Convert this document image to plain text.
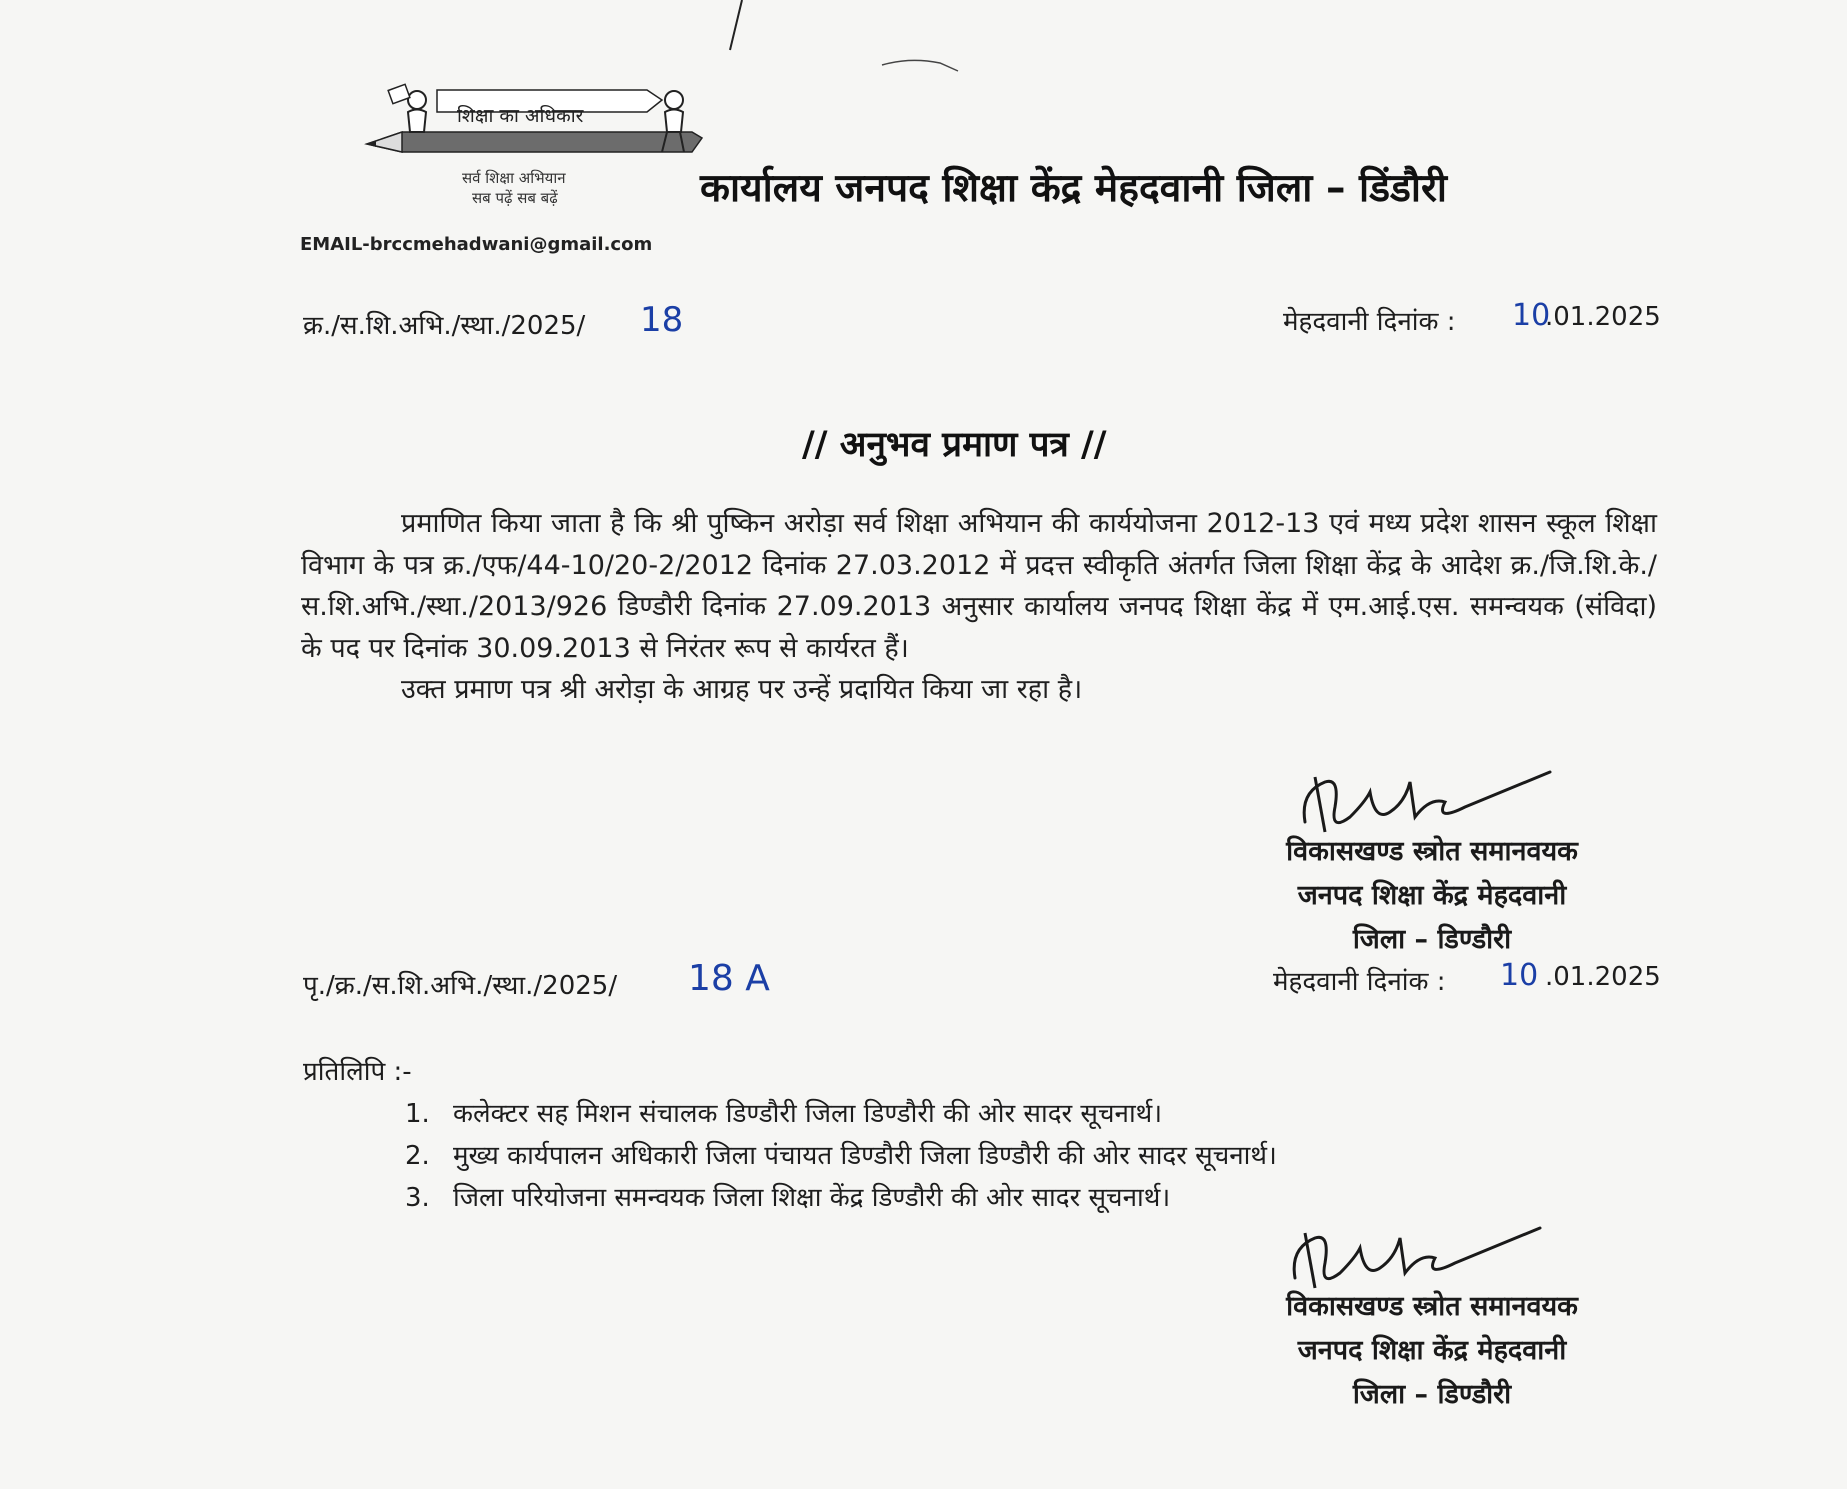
शिक्षा का अधिकार
सर्व शिक्षा अभियान
सब पढ़ें सब बढ़ें	कार्यालय जनपद शिक्षा केंद्र मेहदवानी जिला – डिंडौरी
EMAIL-brccmehadwani@gmail.com
क्र./स.शि.अभि./स्था./2025/ 18	मेहदवानी दिनांक : 10
.01.2025
// अनुभव प्रमाण पत्र //

प्रमाणित किया जाता है कि श्री पुष्किन अरोड़ा सर्व शिक्षा अभियान की कार्ययोजना 2012-13 एवं मध्य प्रदेश शासन स्कूल शिक्षा विभाग के पत्र क्र./एफ/44-10/20-2/2012 दिनांक 27.03.2012 में प्रदत्त स्वीकृति अंतर्गत जिला शिक्षा केंद्र के आदेश क्र./जि.शि.के./स.शि.अभि./स्था./2013/926 डिण्डौरी दिनांक 27.09.2013 अनुसार कार्यालय जनपद शिक्षा केंद्र में एम.आई.एस. समन्वयक (संविदा) के पद पर दिनांक 30.09.2013 से निरंतर रूप से कार्यरत हैं।

उक्त प्रमाण पत्र श्री अरोड़ा के आग्रह पर उन्हें प्रदायित किया जा रहा है।

विकासखण्ड स्त्रोत समानवयक
जनपद शिक्षा केंद्र मेहदवानी
जिला – डिण्डौरी
पृ./क्र./स.शि.अभि./स्था./2025/ 18 A	मेहदवानी दिनांक : 10 .01.2025
प्रतिलिपि :-
1. कलेक्टर सह मिशन संचालक डिण्डौरी जिला डिण्डौरी की ओर सादर सूचनार्थ।
2. मुख्य कार्यपालन अधिकारी जिला पंचायत डिण्डौरी जिला डिण्डौरी की ओर सादर सूचनार्थ।
3. जिला परियोजना समन्वयक जिला शिक्षा केंद्र डिण्डौरी की ओर सादर सूचनार्थ।
विकासखण्ड स्त्रोत समानवयक
जनपद शिक्षा केंद्र मेहदवानी
जिला – डिण्डौरी
